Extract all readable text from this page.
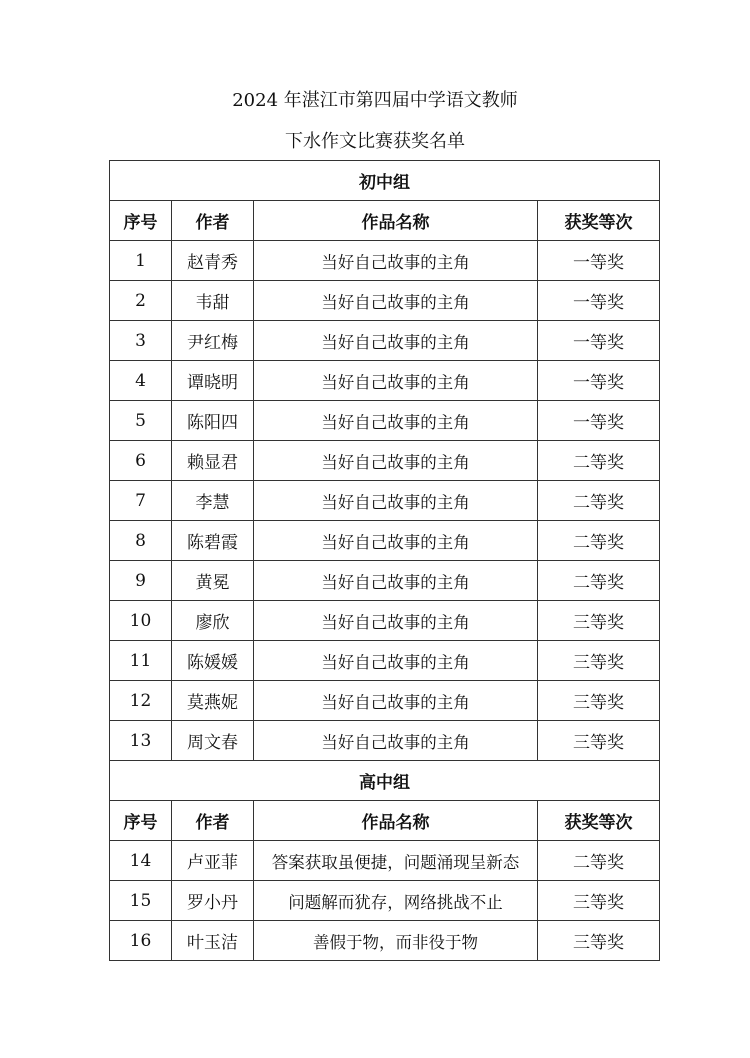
2024 年湛江市第四届中学语文教师
下水作文比赛获奖名单
初中组			
序号	作者	作品名称	获奖等次
1	赵青秀	当好自己故事的主角	一等奖
2	韦甜	当好自己故事的主角	一等奖
3	尹红梅	当好自己故事的主角	一等奖
4	谭晓明	当好自己故事的主角	一等奖
5	陈阳四	当好自己故事的主角	一等奖
6	赖显君	当好自己故事的主角	二等奖
7	李慧	当好自己故事的主角	二等奖
8	陈碧霞	当好自己故事的主角	二等奖
9	黄冕	当好自己故事的主角	二等奖
10	廖欣	当好自己故事的主角	三等奖
11	陈媛媛	当好自己故事的主角	三等奖
12	莫燕妮	当好自己故事的主角	三等奖
13	周文春	当好自己故事的主角	三等奖
高中组			
序号	作者	作品名称	获奖等次
14	卢亚菲	答案获取虽便捷，问题涌现呈新态	二等奖
15	罗小丹	问题解而犹存，网络挑战不止	三等奖
16	叶玉洁	善假于物，而非役于物	三等奖
